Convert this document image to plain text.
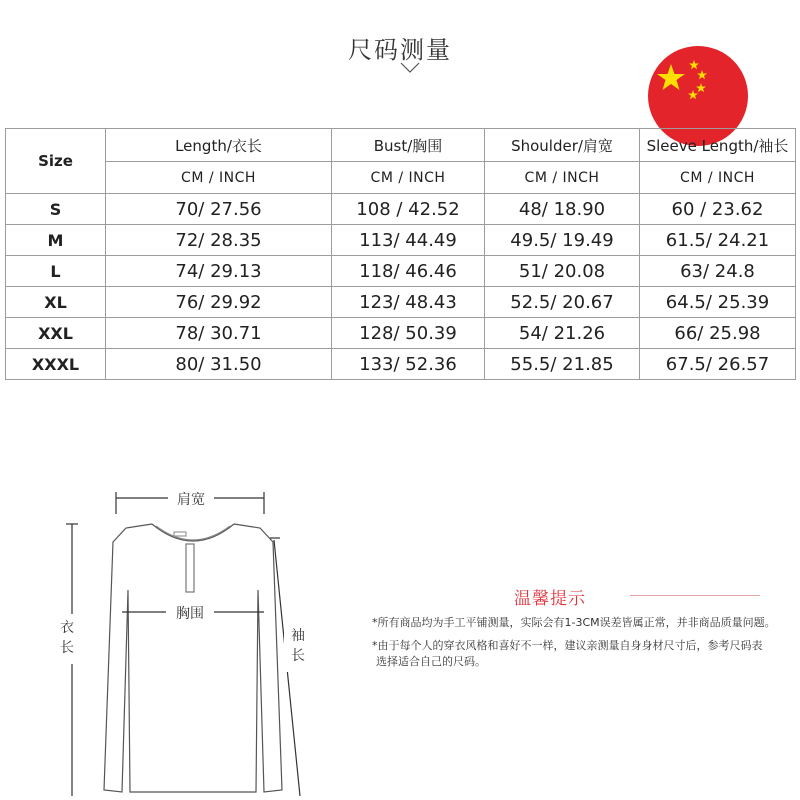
尺码测量
Size	Length/衣长	Bust/胸围	Shoulder/肩宽	Sleeve Length/袖长
	CM / INCH	CM / INCH	CM / INCH	CM / INCH
S	70/ 27.56	108 / 42.52	48/ 18.90	60 / 23.62
M	72/ 28.35	113/ 44.49	49.5/ 19.49	61.5/ 24.21
L	74/ 29.13	118/ 46.46	51/ 20.08	63/ 24.8
XL	76/ 29.92	123/ 48.43	52.5/ 20.67	64.5/ 25.39
XXL	78/ 30.71	128/ 50.39	54/ 21.26	66/ 25.98
XXXL	80/ 31.50	133/ 52.36	55.5/ 21.85	67.5/ 26.57
肩宽
胸围
衣
长
袖
长
温馨提示
*所有商品均为手工平铺测量，实际会有1-3CM误差皆属正常，并非商品质量问题。
*由于每个人的穿衣风格和喜好不一样，建议亲测量自身身材尺寸后，参考尺码表
选择适合自己的尺码。
